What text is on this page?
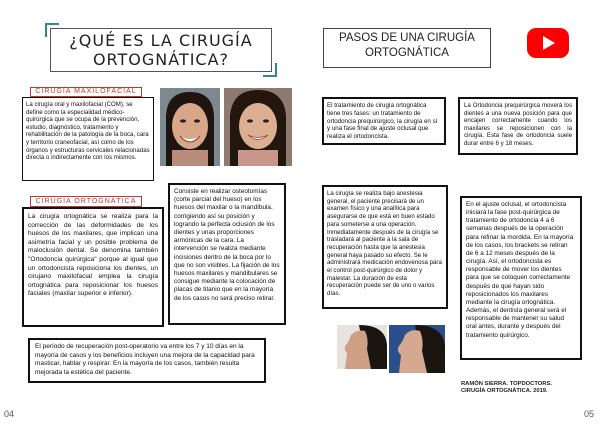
¿QUÉ ES LA CIRUGÍA ORTOGNÁTICA?
CIRUGÍA MAXILOFACIAL
La cirugía oral y maxilofacial (COM), se define como la especialidad médico-quirúrgica que se ocupa de la prevención, estudio, diagnóstico, tratamiento y rehabilitación de la patología de la boca, cara y territorio craneofacial, así como de los órganos y estructuras cervicales relacionadas directa o indirectamente con los mismos.
CIRUGÍA ORTOGNÁTICA
La cirugía ortognática se realiza para la corrección de las deformidades de los huesos de los maxilares, que implican una asimetría facial y un posible problema de maloclusión dental. Se denomina también "Ortodoncia quirúrgica" porque al igual que un ortodoncista reposiciona los dientes, un cirujano maxilofacial emplea la cirugía ortognática para reposicionar los huesos faciales (maxilar superior e inferior).
Consiste en realizar osteotomías (corte parcial del hueso) en los huesos del maxilar o la mandíbula, corrigiendo así su posición y logrando la perfecta oclusión de los dientes y unas proporciones armónicas de la cara. La intervención se realiza mediante incisiones dentro de la boca por lo que no son visibles. La fijación de los huesos maxilares y mandibulares se consigue mediante la colocación de placas de titanio que en la mayoría de los casos no será preciso retirar.
El período de recuperación post-operatorio va entre los 7 y 10 días en la mayoría de casos y los beneficios incluyen una mejora de la capacidad para masticar, hablar y respirar. En la mayoría de los casos, también resulta mejorada la estética del paciente.
04
PASOS DE UNA CIRUGÍA ORTOGNÁTICA
El tratamiento de cirugía ortognática tiene tres fases: un tratamiento de ortodoncia prequirúrgico, la cirugía en sí y una fase final de ajuste oclusal que realiza el ortodoncista.
La Ortodoncia prequirúrgica moverá los dientes a una nueva posición para que encajen correctamente cuando los maxilares se reposicionen con la cirugía. Esta fase de ortodoncia suele durar entre 6 y 18 meses.
La cirugía se realiza bajo anestesia general, el paciente precisará de un examen físico y una analítica para asegurarse de que está en buen estado para someterse a una operación. Inmediatamente después de la cirugía se trasladará al paciente a la sala de recuperación hasta que la anestesia general haya pasado su efecto. Se le administrará medicación endovenosa para el control post-quirúrgico de dolor y malestar. La duración de esta recuperación puede ser de uno o varios días.
En el ajuste oclusal, el ortodoncista iniciará la fase post-quirúrgica de tratamiento de ortodoncia 4 a 6 semanas después de la operación para refinar la mordida. En la mayoría de los casos, los brackets se retiran de 6 a 12 meses después de la cirugía. Así, el ortodoncista es responsable de mover los dientes para que se coloquen correctamente después de que hayan sido reposicionados los maxilares mediante la cirugía ortognática. Además, el dentista general será el responsable de mantener su salud oral antes, durante y después del tratamiento quirúrgico.
RAMÓN SIERRA. TOPDOCTORS. CIRUGÍA ORTOGNÁTICA. 2019.
05
